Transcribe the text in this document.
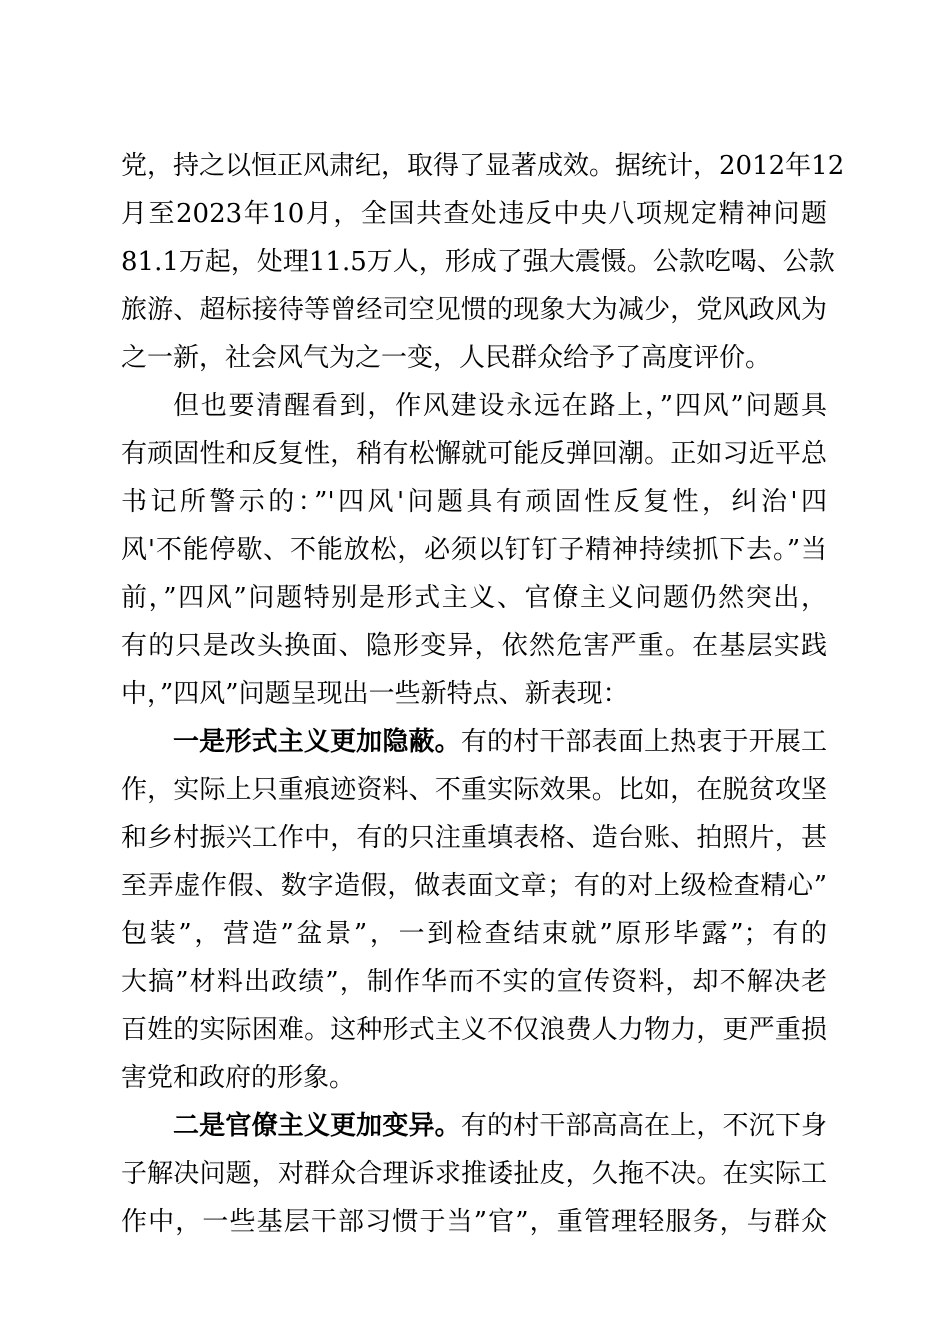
党，持之以恒正风肃纪，取得了显著成效。据统计，2012年12
月至2023年10月，全国共查处违反中央八项规定精神问题
81.1万起，处理11.5万人，形成了强大震慑。公款吃喝、公款
旅游、超标接待等曾经司空见惯的现象大为减少，党风政风为
之一新，社会风气为之一变，人民群众给予了高度评价。
但也要清醒看到，作风建设永远在路上，”四风”问题具
有顽固性和反复性，稍有松懈就可能反弹回潮。正如习近平总
书记所警示的：”'四风'问题具有顽固性反复性，纠治'四
风'不能停歇、不能放松，必须以钉钉子精神持续抓下去。”当
前，”四风”问题特别是形式主义、官僚主义问题仍然突出，
有的只是改头换面、隐形变异，依然危害严重。在基层实践
中，”四风”问题呈现出一些新特点、新表现：
一是形式主义更加隐蔽。有的村干部表面上热衷于开展工
作，实际上只重痕迹资料、不重实际效果。比如，在脱贫攻坚
和乡村振兴工作中，有的只注重填表格、造台账、拍照片，甚
至弄虚作假、数字造假，做表面文章；有的对上级检查精心”
包装”，营造”盆景”，一到检查结束就”原形毕露”；有的
大搞”材料出政绩”，制作华而不实的宣传资料，却不解决老
百姓的实际困难。这种形式主义不仅浪费人力物力，更严重损
害党和政府的形象。
二是官僚主义更加变异。有的村干部高高在上，不沉下身
子解决问题，对群众合理诉求推诿扯皮，久拖不决。在实际工
作中，一些基层干部习惯于当”官”，重管理轻服务，与群众
